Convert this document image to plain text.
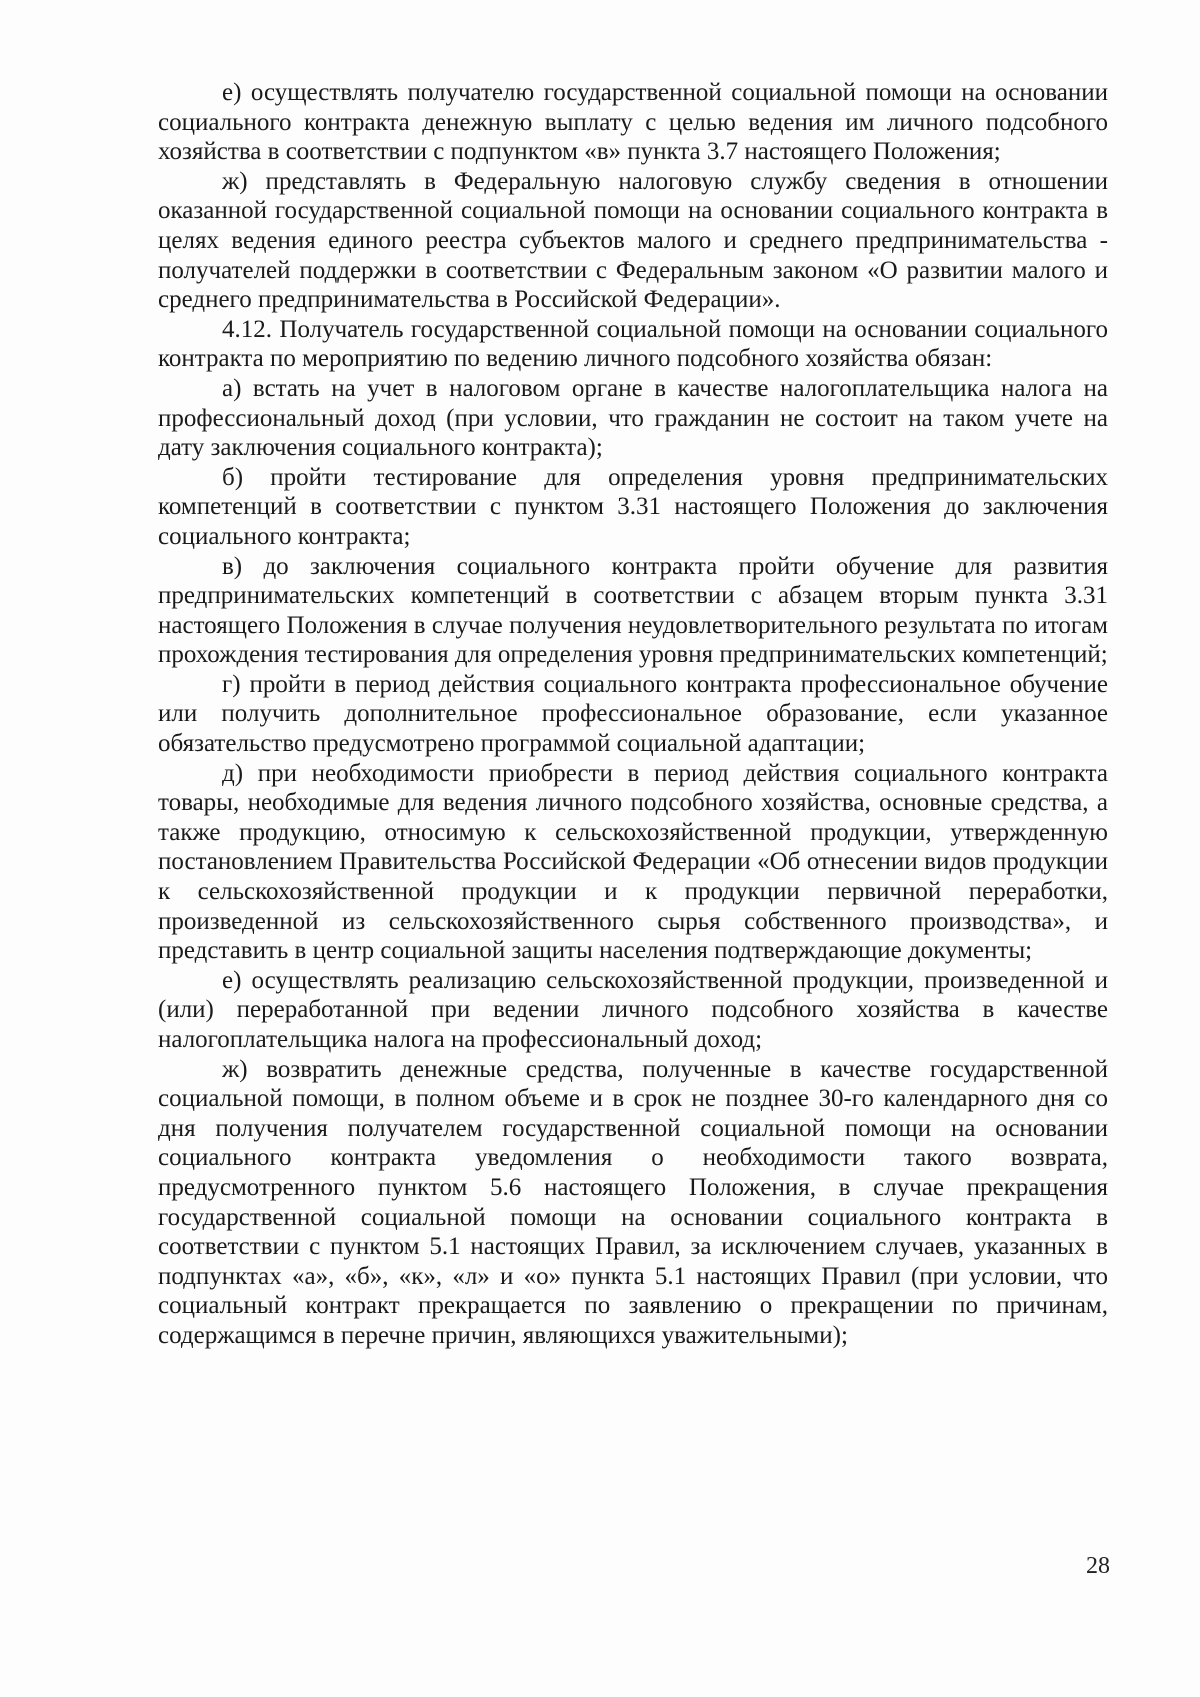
е) осуществлять получателю государственной социальной помощи на основании социального контракта денежную выплату с целью ведения им личного подсобного хозяйства в соответствии с подпунктом «в» пункта 3.7 настоящего Положения;

ж) представлять в Федеральную налоговую службу сведения в отношении оказанной государственной социальной помощи на основании социального контракта в целях ведения единого реестра субъектов малого и среднего предпринимательства - получателей поддержки в соответствии с Федеральным законом «О развитии малого и среднего предпринимательства в Российской Федерации».

4.12. Получатель государственной социальной помощи на основании социального контракта по мероприятию по ведению личного подсобного хозяйства обязан:

а) встать на учет в налоговом органе в качестве налогоплательщика налога на профессиональный доход (при условии, что гражданин не состоит на таком учете на дату заключения социального контракта);

б) пройти тестирование для определения уровня предпринимательских компетенций в соответствии с пунктом 3.31 настоящего Положения до заключения социального контракта;

в) до заключения социального контракта пройти обучение для развития предпринимательских компетенций в соответствии с абзацем вторым пункта 3.31 настоящего Положения в случае получения неудовлетворительного результата по итогам прохождения тестирования для определения уровня предпринимательских компетенций;

г) пройти в период действия социального контракта профессиональное обучение или получить дополнительное профессиональное образование, если указанное обязательство предусмотрено программой социальной адаптации;

д) при необходимости приобрести в период действия социального контракта товары, необходимые для ведения личного подсобного хозяйства, основные средства, а также продукцию, относимую к сельскохозяйственной продукции, утвержденную постановлением Правительства Российской Федерации «Об отнесении видов продукции к сельскохозяйственной продукции и к продукции первичной переработки, произведенной из сельскохозяйственного сырья собственного производства», и представить в центр социальной защиты населения подтверждающие документы;

е) осуществлять реализацию сельскохозяйственной продукции, произведенной и (или) переработанной при ведении личного подсобного хозяйства в качестве налогоплательщика налога на профессиональный доход;

ж) возвратить денежные средства, полученные в качестве государственной социальной помощи, в полном объеме и в срок не позднее 30-го календарного дня со дня получения получателем государственной социальной помощи на основании социального контракта уведомления о необходимости такого возврата, предусмотренного пунктом 5.6 настоящего Положения, в случае прекращения государственной социальной помощи на основании социального контракта в соответствии с пунктом 5.1 настоящих Правил, за исключением случаев, указанных в подпунктах «а», «б», «к», «л» и «о» пункта 5.1 настоящих Правил (при условии, что социальный контракт прекращается по заявлению о прекращении по причинам, содержащимся в перечне причин, являющихся уважительными);

28
